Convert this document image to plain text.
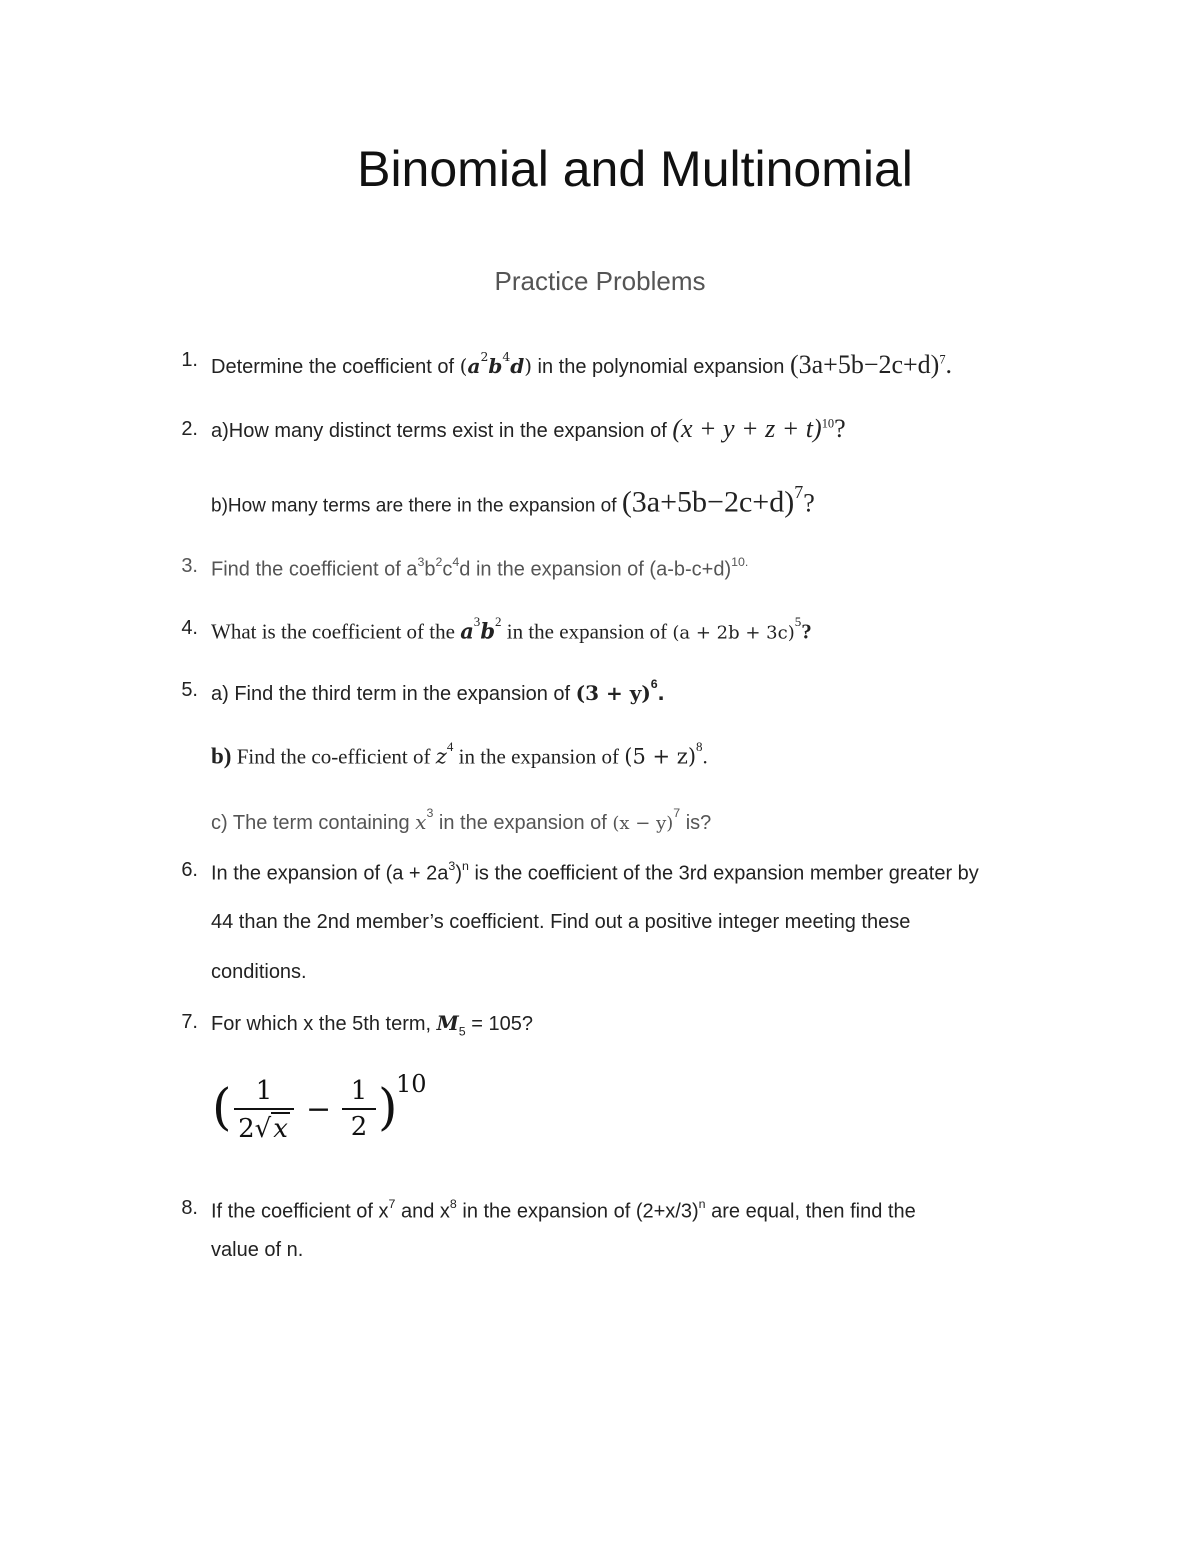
Binomial and Multinomial
Practice Problems
1. Determine the coefficient of $(a^2b^4d)$ in the polynomial expansion $(3a+5b-2c+d)^7$.
2. a)How many distinct terms exist in the expansion of $(x + y + z + t)^{10}$?
b)How many terms are there in the expansion of (3a+5b−2c+d)7?
3. Find the coefficient of $a^3b^2c^4d$ in the expansion of $(a-b-c+d)^{10.}$
4. What is the coefficient of the $a^3b^2$ in the expansion of $(a + 2b + 3c)^5$?
5. a) Find the third term in the expansion of $(3 + y)^6$.
b) Find the co-efficient of $z^4$ in the expansion of $(5 + z)^8$.
c) The term containing $x^3$ in the expansion of $(x - y)^7$ is?
6. In the expansion of $(a + 2a^3)^n$ is the coefficient of the 3rd expansion member greater by
44 than the 2nd member’s coefficient. Find out a positive integer meeting these
conditions.
7. For which x the 5th term, $M_5 = 105$?
( 1
2√x
−
1
2 )
10
8. If the coefficient of $x^7$ and $x^8$ in the expansion of $(2+x/3)^n$ are equal, then find the
value of n.
